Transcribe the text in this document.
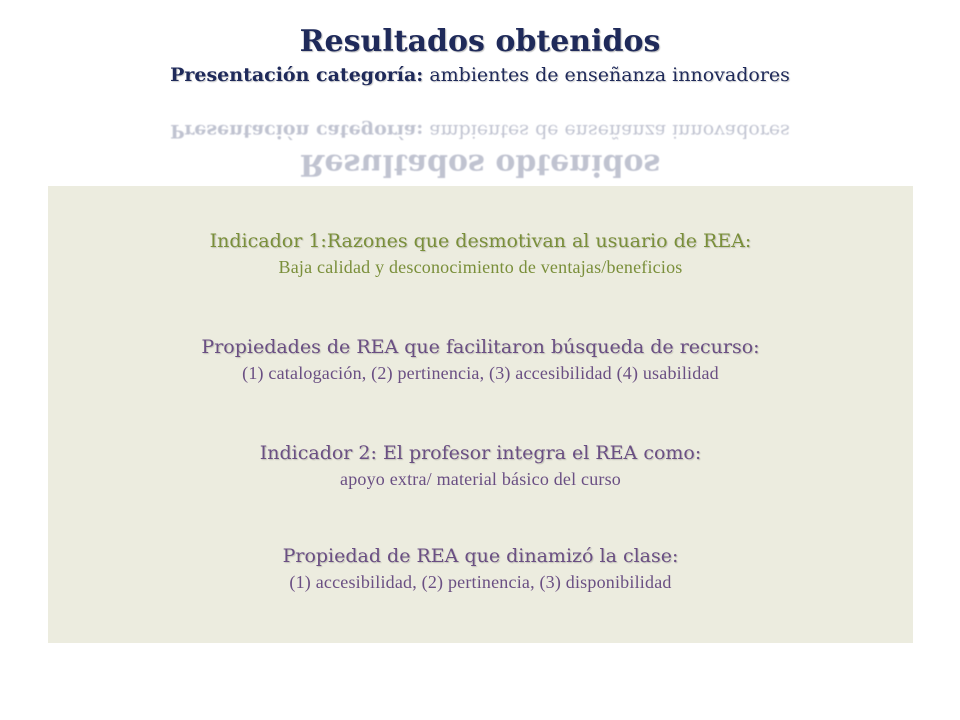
Resultados obtenidos
Presentación categoría: ambientes de enseñanza innovadores
Resultados obtenidos
Presentación categoría: ambientes de enseñanza innovadores
Indicador 1:Razones que desmotivan al usuario de REA:
Baja calidad y desconocimiento de ventajas/beneficios
Propiedades de REA que facilitaron búsqueda de recurso:
(1) catalogación, (2) pertinencia, (3) accesibilidad (4) usabilidad
Indicador 2: El profesor integra el REA como:
apoyo extra/ material básico del curso
Propiedad de REA que dinamizó la clase:
(1) accesibilidad, (2) pertinencia, (3) disponibilidad
